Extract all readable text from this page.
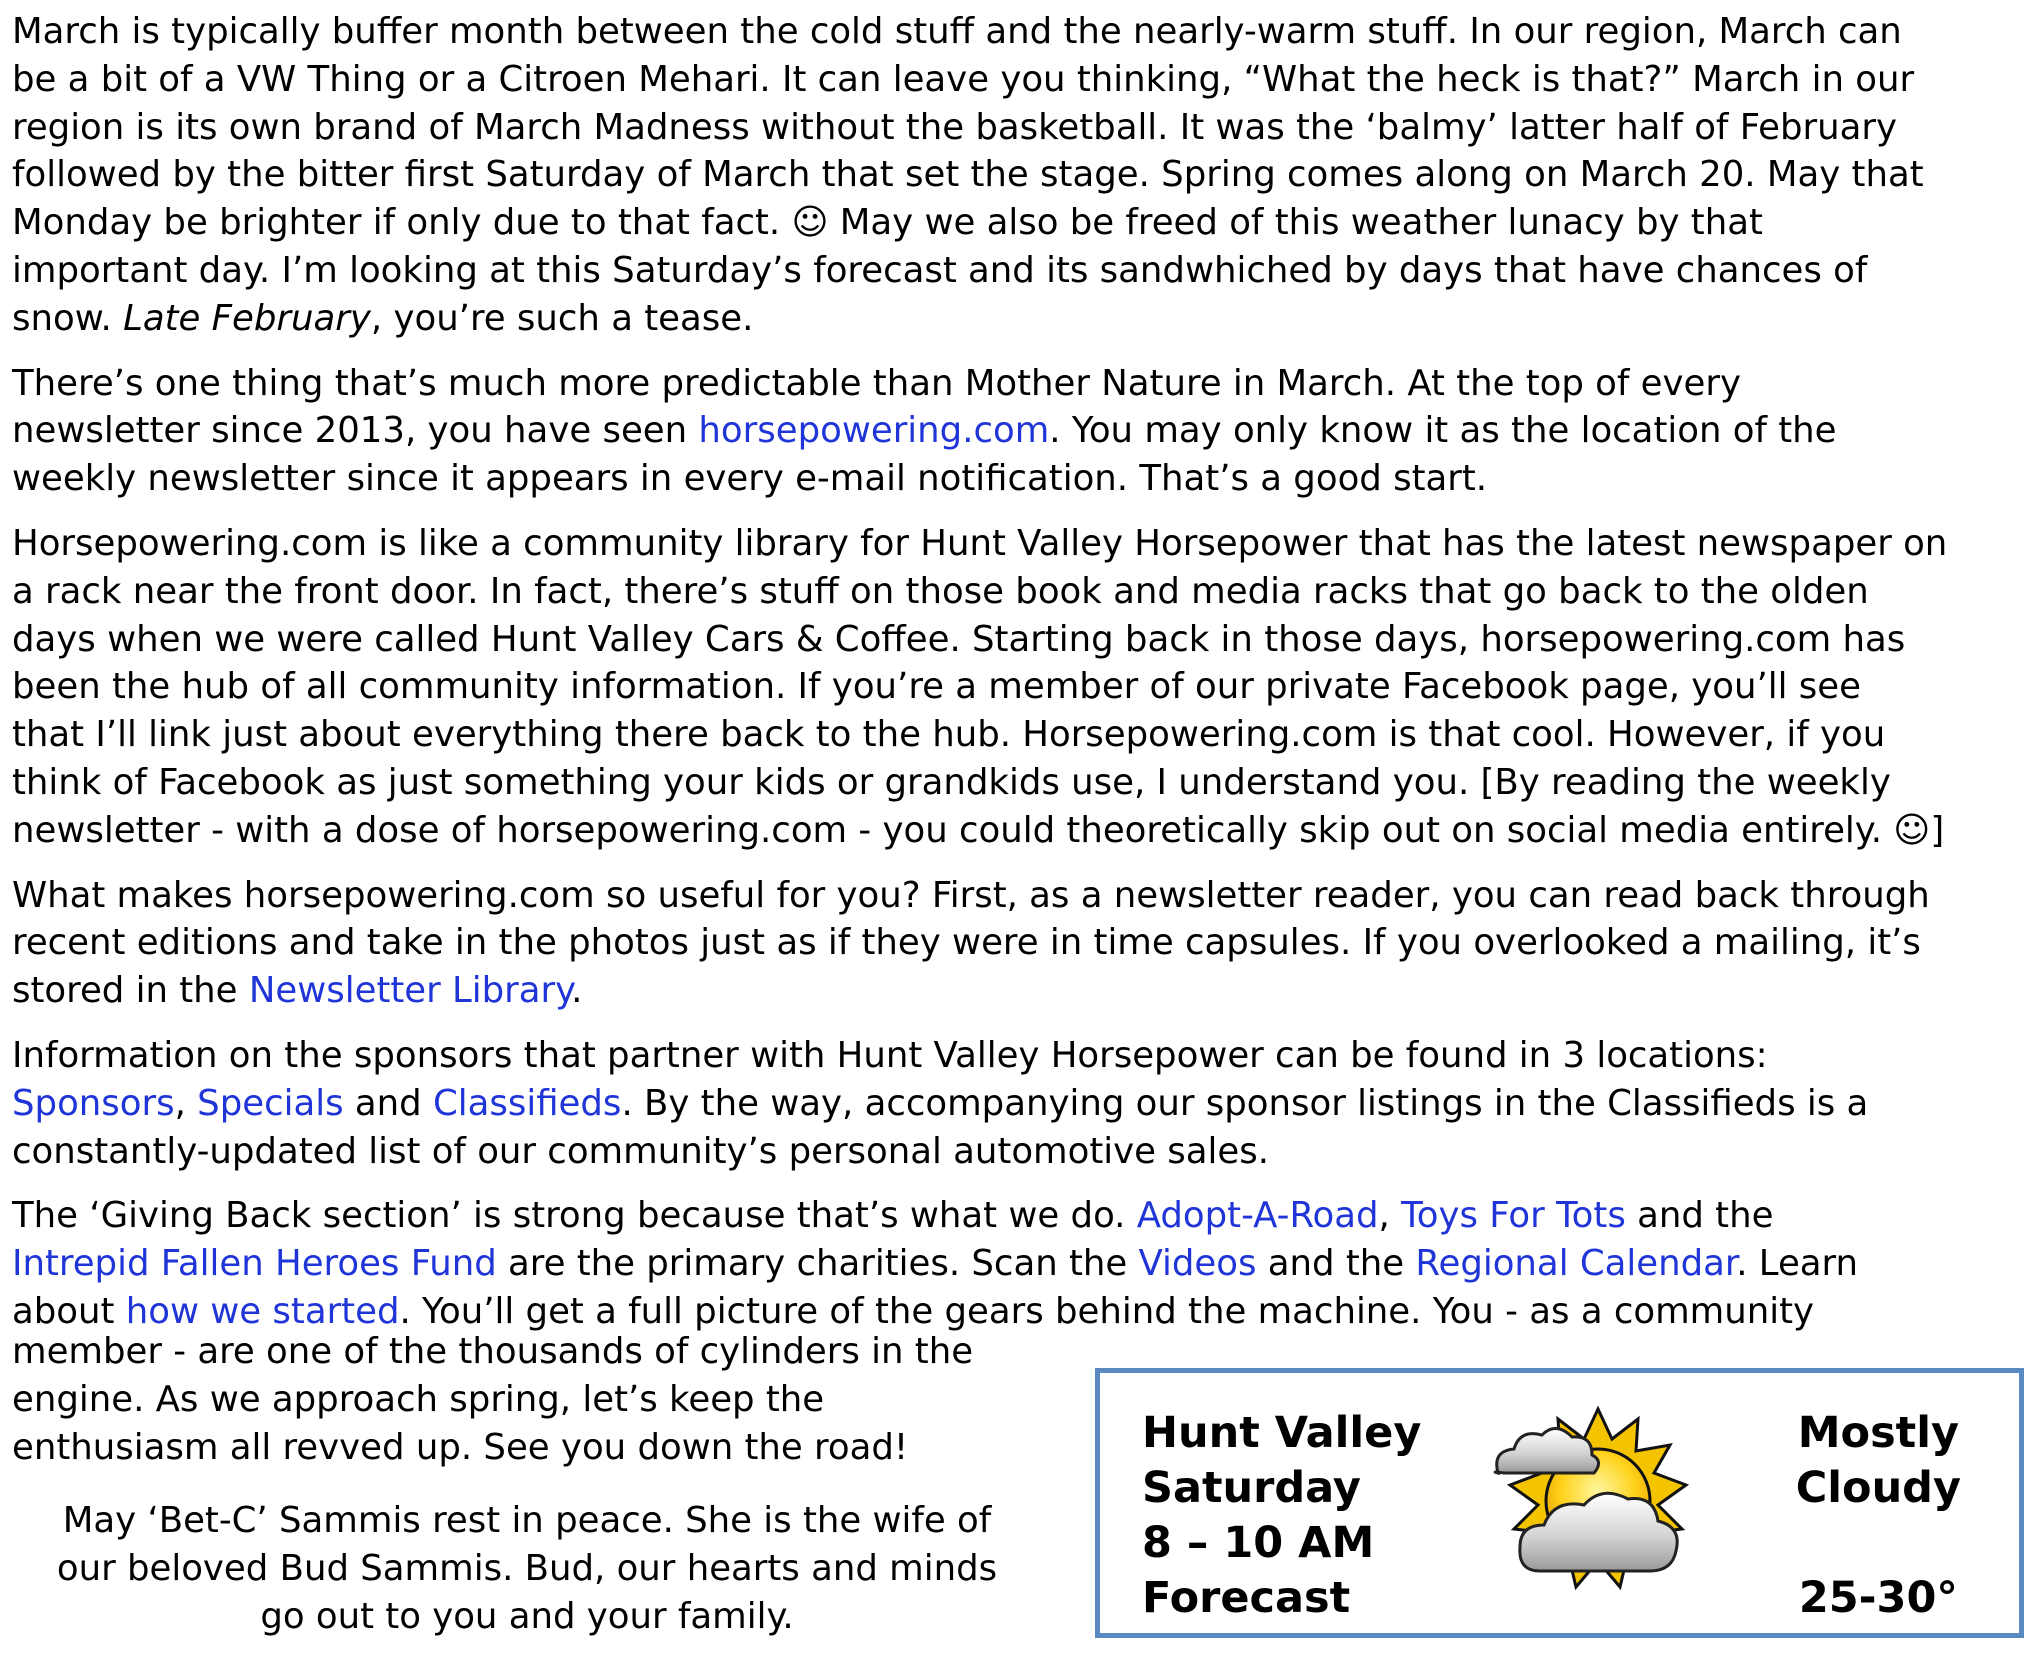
March is typically buffer month between the cold stuff and the nearly-warm stuff. In our region, March can
be a bit of a VW Thing or a Citroen Mehari. It can leave you thinking, “What the heck is that?” March in our
region is its own brand of March Madness without the basketball. It was the ‘balmy’ latter half of February
followed by the bitter first Saturday of March that set the stage. Spring comes along on March 20. May that
Monday be brighter if only due to that fact. ☺ May we also be freed of this weather lunacy by that
important day. I’m looking at this Saturday’s forecast and its sandwhiched by days that have chances of
snow. Late February, you’re such a tease.

There’s one thing that’s much more predictable than Mother Nature in March. At the top of every
newsletter since 2013, you have seen horsepowering.com. You may only know it as the location of the
weekly newsletter since it appears in every e-mail notification. That’s a good start.

Horsepowering.com is like a community library for Hunt Valley Horsepower that has the latest newspaper on
a rack near the front door. In fact, there’s stuff on those book and media racks that go back to the olden
days when we were called Hunt Valley Cars & Coffee. Starting back in those days, horsepowering.com has
been the hub of all community information. If you’re a member of our private Facebook page, you’ll see
that I’ll link just about everything there back to the hub. Horsepowering.com is that cool. However, if you
think of Facebook as just something your kids or grandkids use, I understand you. [By reading the weekly
newsletter - with a dose of horsepowering.com - you could theoretically skip out on social media entirely. ☺]

What makes horsepowering.com so useful for you? First, as a newsletter reader, you can read back through
recent editions and take in the photos just as if they were in time capsules. If you overlooked a mailing, it’s
stored in the Newsletter Library.

Information on the sponsors that partner with Hunt Valley Horsepower can be found in 3 locations:
Sponsors, Specials and Classifieds. By the way, accompanying our sponsor listings in the Classifieds is a
constantly-updated list of our community’s personal automotive sales.

The ‘Giving Back section’ is strong because that’s what we do. Adopt-A-Road, Toys For Tots and the
Intrepid Fallen Heroes Fund are the primary charities. Scan the Videos and the Regional Calendar. Learn
about how we started. You’ll get a full picture of the gears behind the machine. You - as a community

member - are one of the thousands of cylinders in the
engine. As we approach spring, let’s keep the
enthusiasm all revved up. See you down the road!
May ‘Bet-C’ Sammis rest in peace. She is the wife of
our beloved Bud Sammis. Bud, our hearts and minds
go out to you and your family.
Hunt Valley
Saturday
8 – 10 AM
Forecast
Mostly
Cloudy
25-30°
